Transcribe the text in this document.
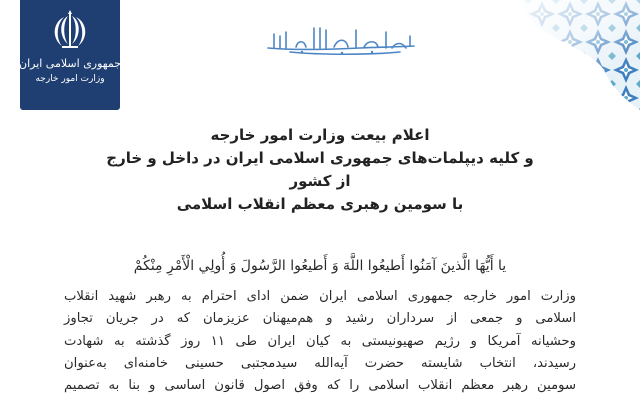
جمهوری اسلامی ایران
وزارت امور خارجه
اعلام بیعت وزارت امور خارجه
و کلیه دیپلمات‌های جمهوری اسلامی ایران در داخل و خارج از کشور
با سومین رهبری معظم انقلاب اسلامی
يا أَيُّهَا الَّذينَ آمَنُوا أَطيعُوا اللَّهَ وَ أَطيعُوا الرَّسُولَ وَ أُولِي الْأَمْرِ مِنْكُمْ
وزارت امور خارجه جمهوری اسلامی ایران ضمن ادای احترام به رهبر شهید انقلاب
اسلامی و جمعی از سرداران رشید و هم‌میهنان عزیزمان که در جریان تجاوز
وحشیانه آمریکا و رژیم صهیونیستی به کیان ایران طی ۱۱ روز گذشته به شهادت
رسیدند، انتخاب شایسته حضرت آیه‌الله سیدمجتبی حسینی خامنه‌ای به‌عنوان
سومین رهبر معظم انقلاب اسلامی را که وفق اصول قانون اساسی و بنا به تصمیم
